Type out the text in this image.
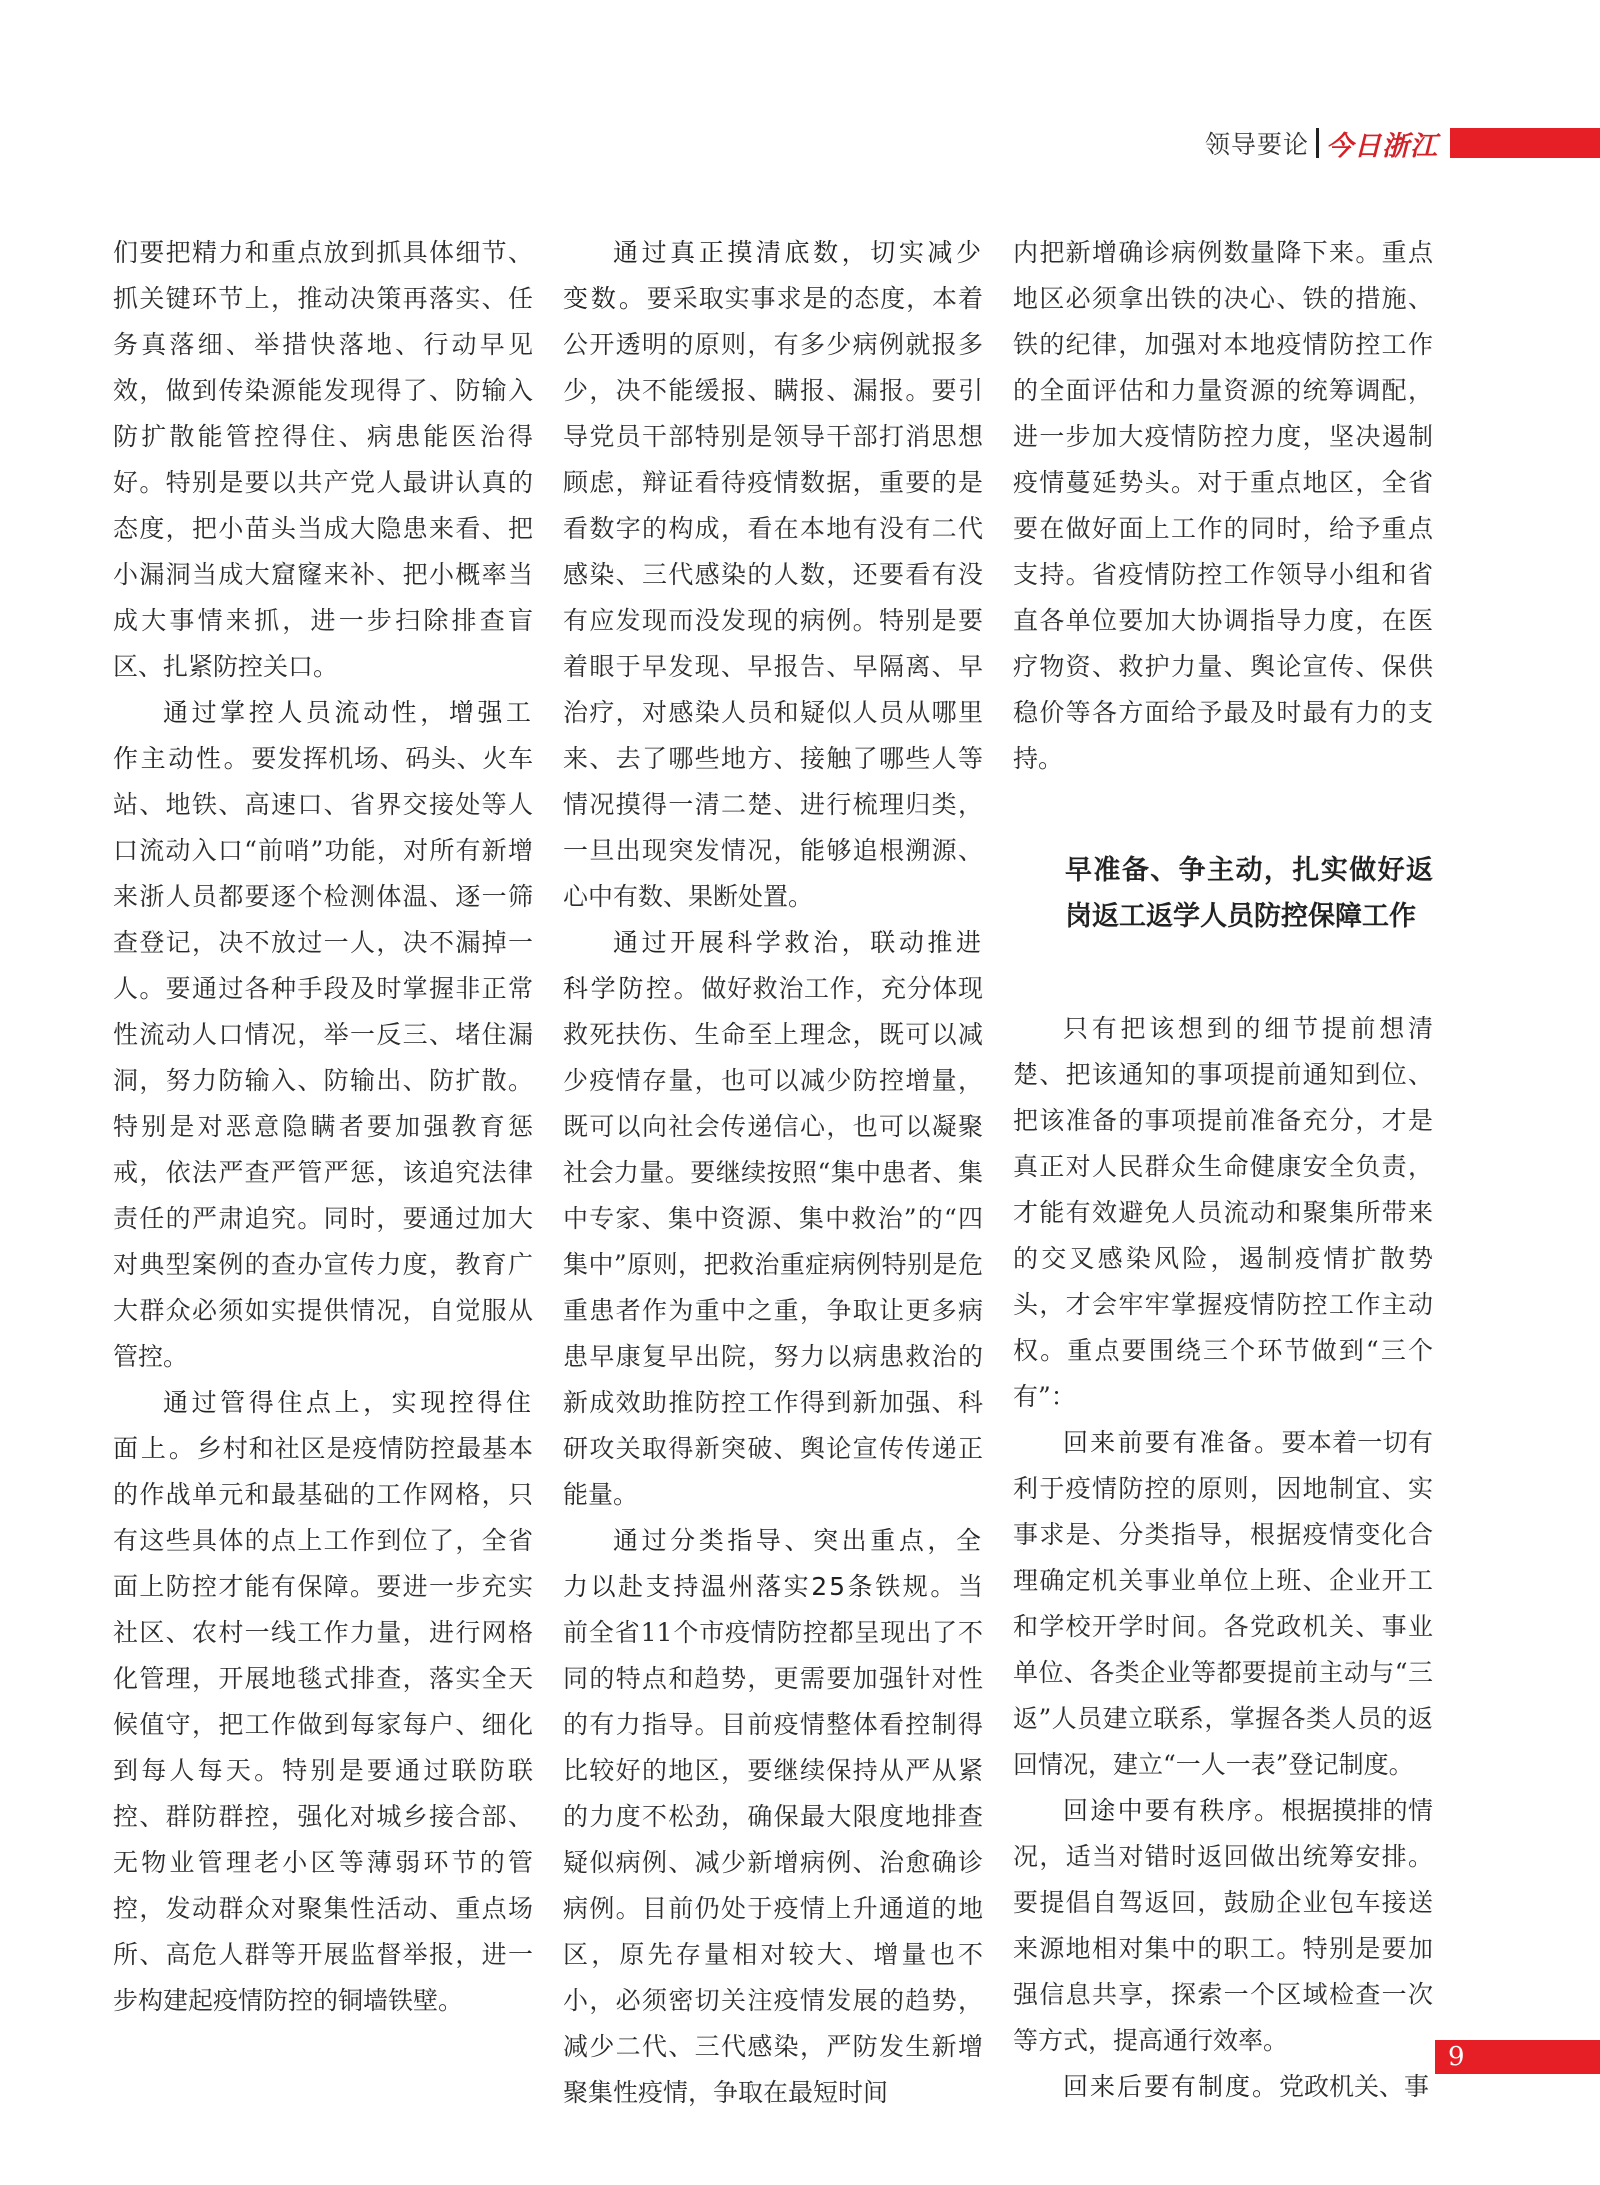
领导要论 今日浙江

们要把精力和重点放到抓具体细节、抓关键环节上，推动决策再落实、任务真落细、举措快落地、行动早见效，做到传染源能发现得了、防输入防扩散能管控得住、病患能医治得好。特别是要以共产党人最讲认真的态度，把小苗头当成大隐患来看、把小漏洞当成大窟窿来补、把小概率当成大事情来抓，进一步扫除排查盲区、扎紧防控关口。

通过掌控人员流动性，增强工作主动性。要发挥机场、码头、火车站、地铁、高速口、省界交接处等人口流动入口“前哨”功能，对所有新增来浙人员都要逐个检测体温、逐一筛查登记，决不放过一人，决不漏掉一人。要通过各种手段及时掌握非正常性流动人口情况，举一反三、堵住漏洞，努力防输入、防输出、防扩散。特别是对恶意隐瞒者要加强教育惩戒，依法严查严管严惩，该追究法律责任的严肃追究。同时，要通过加大对典型案例的查办宣传力度，教育广大群众必须如实提供情况，自觉服从管控。

通过管得住点上，实现控得住面上。乡村和社区是疫情防控最基本的作战单元和最基础的工作网格，只有这些具体的点上工作到位了，全省面上防控才能有保障。要进一步充实社区、农村一线工作力量，进行网格化管理，开展地毯式排查，落实全天候值守，把工作做到每家每户、细化到每人每天。特别是要通过联防联控、群防群控，强化对城乡接合部、无物业管理老小区等薄弱环节的管控，发动群众对聚集性活动、重点场所、高危人群等开展监督举报，进一步构建起疫情防控的铜墙铁壁。

通过真正摸清底数，切实减少变数。要采取实事求是的态度，本着公开透明的原则，有多少病例就报多少，决不能缓报、瞒报、漏报。要引导党员干部特别是领导干部打消思想顾虑，辩证看待疫情数据，重要的是看数字的构成，看在本地有没有二代感染、三代感染的人数，还要看有没有应发现而没发现的病例。特别是要着眼于早发现、早报告、早隔离、早治疗，对感染人员和疑似人员从哪里来、去了哪些地方、接触了哪些人等情况摸得一清二楚、进行梳理归类，一旦出现突发情况，能够追根溯源、心中有数、果断处置。

通过开展科学救治，联动推进科学防控。做好救治工作，充分体现救死扶伤、生命至上理念，既可以减少疫情存量，也可以减少防控增量，既可以向社会传递信心，也可以凝聚社会力量。要继续按照“集中患者、集中专家、集中资源、集中救治”的“四集中”原则，把救治重症病例特别是危重患者作为重中之重，争取让更多病患早康复早出院，努力以病患救治的新成效助推防控工作得到新加强、科研攻关取得新突破、舆论宣传传递正能量。

通过分类指导、突出重点，全力以赴支持温州落实25条铁规。当前全省11个市疫情防控都呈现出了不同的特点和趋势，更需要加强针对性的有力指导。目前疫情整体看控制得比较好的地区，要继续保持从严从紧的力度不松劲，确保最大限度地排查疑似病例、减少新增病例、治愈确诊病例。目前仍处于疫情上升通道的地区，原先存量相对较大、增量也不小，必须密切关注疫情发展的趋势，减少二代、三代感染，严防发生新增聚集性疫情，争取在最短时间

内把新增确诊病例数量降下来。重点地区必须拿出铁的决心、铁的措施、铁的纪律，加强对本地疫情防控工作的全面评估和力量资源的统筹调配，进一步加大疫情防控力度，坚决遏制疫情蔓延势头。对于重点地区，全省要在做好面上工作的同时，给予重点支持。省疫情防控工作领导小组和省直各单位要加大协调指导力度，在医疗物资、救护力量、舆论宣传、保供稳价等各方面给予最及时最有力的支持。

早准备、争主动，扎实做好返岗返工返学人员防控保障工作

只有把该想到的细节提前想清楚、把该通知的事项提前通知到位、把该准备的事项提前准备充分，才是真正对人民群众生命健康安全负责，才能有效避免人员流动和聚集所带来的交叉感染风险，遏制疫情扩散势头，才会牢牢掌握疫情防控工作主动权。重点要围绕三个环节做到“三个有”：

回来前要有准备。要本着一切有利于疫情防控的原则，因地制宜、实事求是、分类指导，根据疫情变化合理确定机关事业单位上班、企业开工和学校开学时间。各党政机关、事业单位、各类企业等都要提前主动与“三返”人员建立联系，掌握各类人员的返回情况，建立“一人一表”登记制度。

回途中要有秩序。根据摸排的情况，适当对错时返回做出统筹安排。要提倡自驾返回，鼓励企业包车接送来源地相对集中的职工。特别是要加强信息共享，探索一个区域检查一次等方式，提高通行效率。

回来后要有制度。党政机关、事

9
